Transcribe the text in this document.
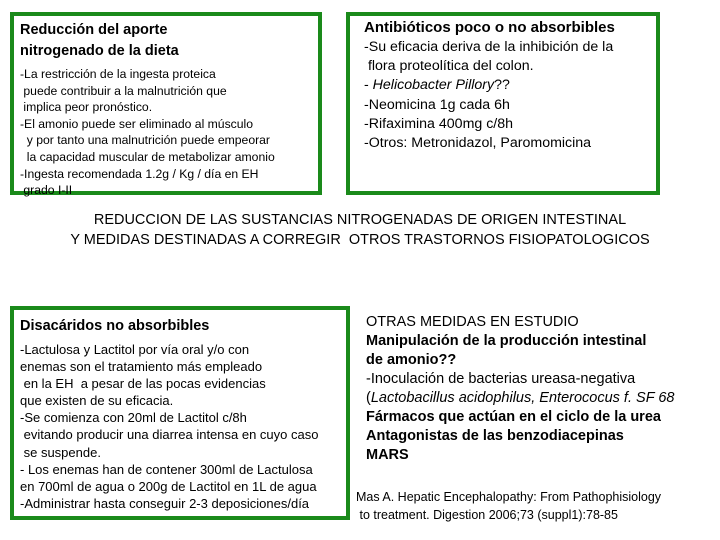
Reducción del aporte
nitrogenado de la dieta
-La restricción de la ingesta proteica
puede contribuir a la malnutrición que
implica peor pronóstico.
-El amonio puede ser eliminado al músculo
y por tanto una malnutrición puede empeorar
la capacidad muscular de metabolizar amonio
-Ingesta recomendada 1.2g / Kg / día en EH
grado I-II
Antibióticos poco o no absorbibles
-Su eficacia deriva de la inhibición de la
flora proteolítica del colon.
- Helicobacter Pillory??
-Neomicina 1g cada 6h
-Rifaximina 400mg c/8h
-Otros: Metronidazol, Paromomicina
REDUCCION DE LAS SUSTANCIAS NITROGENADAS DE ORIGEN INTESTINAL
Y MEDIDAS DESTINADAS A CORREGIR  OTROS TRASTORNOS FISIOPATOLOGICOS
Disacáridos no absorbibles
-Lactulosa y Lactitol por vía oral y/o con
enemas son el tratamiento más empleado
en la EH  a pesar de las pocas evidencias
que existen de su eficacia.
-Se comienza con 20ml de Lactitol c/8h
evitando producir una diarrea intensa en cuyo caso
se suspende.
- Los enemas han de contener 300ml de Lactulosa
en 700ml de agua o 200g de Lactitol en 1L de agua
-Administrar hasta conseguir 2-3 deposiciones/día
OTRAS MEDIDAS EN ESTUDIO
Manipulación de la producción intestinal
de amonio??
-Inoculación de bacterias ureasa-negativa
(Lactobacillus acidophilus, Enterococus f. SF 68
Fármacos que actúan en el ciclo de la urea
Antagonistas de las benzodiacepinas
MARS
Mas A. Hepatic Encephalopathy: From Pathophisiology
to treatment. Digestion 2006;73 (suppl1):78-85
